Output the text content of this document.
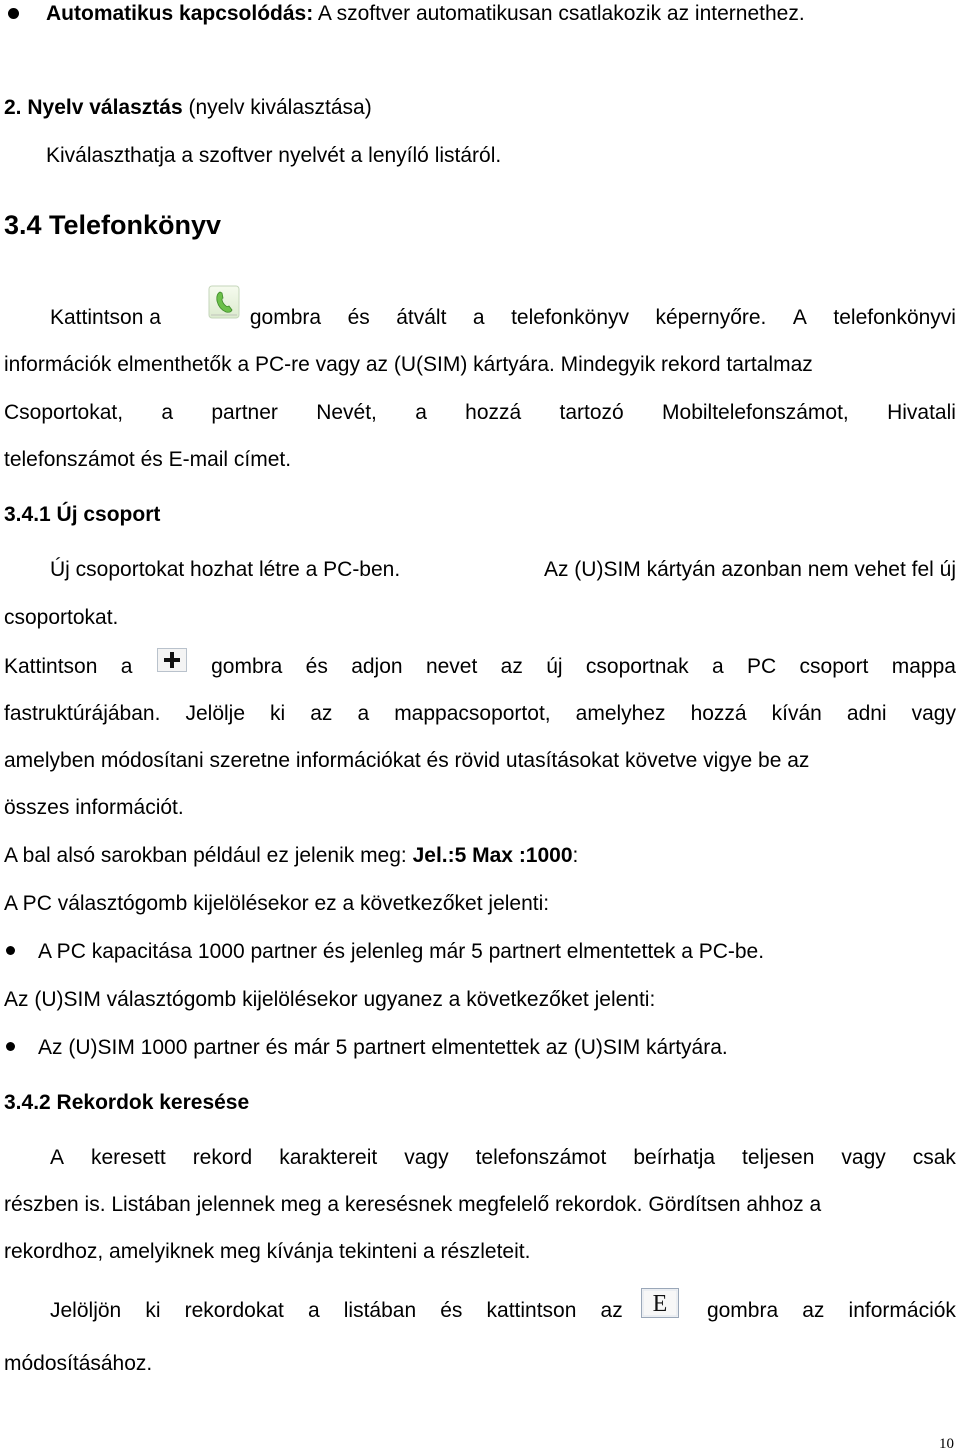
Automatikus kapcsolódás: A szoftver automatikusan csatlakozik az internethez.
2. Nyelv választás (nyelv kiválasztása)
Kiválaszthatja a szoftver nyelvét a lenyíló listáról.
3.4 Telefonkönyv
Kattintson a	gombra és átvált a telefonkönyv képernyőre. A telefonkönyvi
információk elmenthetők a PC-re vagy az (U(SIM) kártyára. Mindegyik rekord tartalmaz
Csoportokat, a partner Nevét, a hozzá tartozó Mobiltelefonszámot, Hivatali
telefonszámot és E-mail címet.
3.4.1 Új csoport
Új csoportokat hozhat létre a PC-ben.	Az (U)SIM kártyán azonban nem vehet fel új
csoportokat.
Kattintson a	gombra és adjon nevet az új csoportnak a PC csoport mappa
fastruktúrájában. Jelölje ki az a mappacsoportot, amelyhez hozzá kíván adni vagy
amelyben módosítani szeretne információkat és rövid utasításokat követve vigye be az
összes információt.
A bal alsó sarokban például ez jelenik meg: Jel.:5 Max :1000:
A PC választógomb kijelölésekor ez a következőket jelenti:
A PC kapacitása 1000 partner és jelenleg már 5 partnert elmentettek a PC-be.
Az (U)SIM választógomb kijelölésekor ugyanez a következőket jelenti:
Az (U)SIM 1000 partner és már 5 partnert elmentettek az (U)SIM kártyára.
3.4.2 Rekordok keresése
A keresett rekord karaktereit vagy telefonszámot beírhatja teljesen vagy csak
részben is. Listában jelennek meg a keresésnek megfelelő rekordok. Gördítsen ahhoz a
rekordhoz, amelyiknek meg kívánja tekinteni a részleteit.
Jelöljön ki rekordokat a listában és kattintson az	gombra az információk
E
módosításához.
10
